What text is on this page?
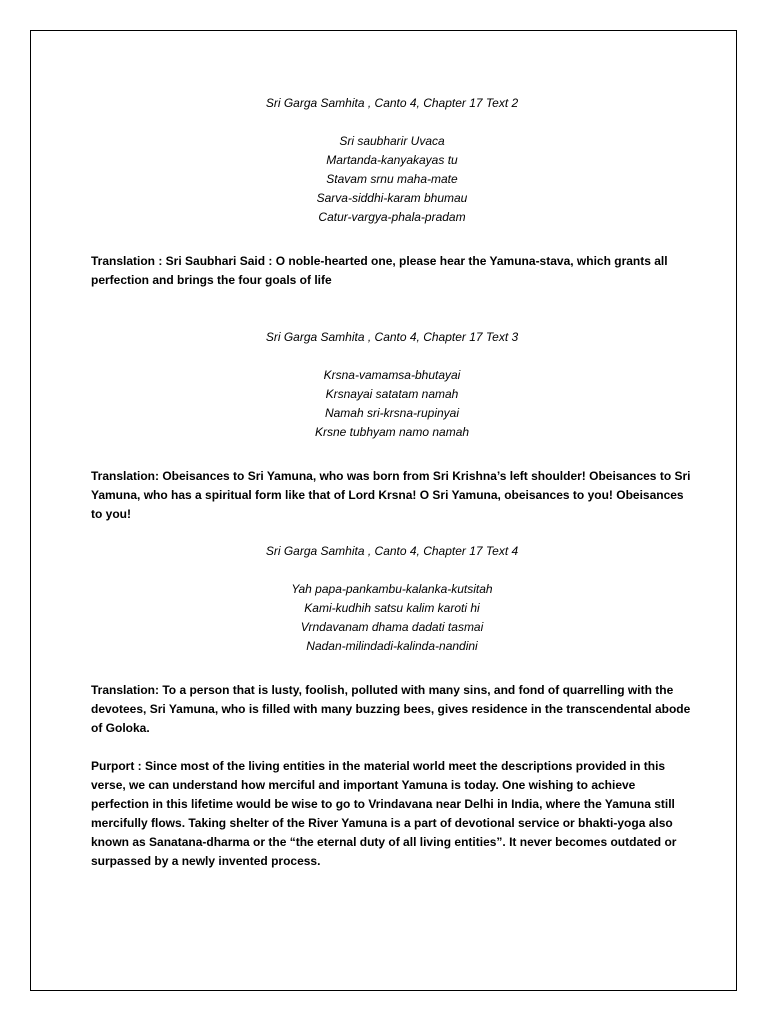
Sri Garga Samhita , Canto 4, Chapter 17 Text 2

Sri saubharir Uvaca
Martanda-kanyakayas tu
Stavam srnu maha-mate
Sarva-siddhi-karam bhumau
Catur-vargya-phala-pradam

Translation : Sri Saubhari Said : O noble-hearted one, please hear the Yamuna-stava, which grants all perfection and brings the four goals of life

Sri Garga Samhita , Canto 4, Chapter 17 Text 3

Krsna-vamamsa-bhutayai
Krsnayai satatam namah
Namah sri-krsna-rupinyai
Krsne tubhyam namo namah

Translation: Obeisances to Sri Yamuna, who was born from Sri Krishna’s left shoulder! Obeisances to Sri Yamuna, who has a spiritual form like that of Lord Krsna! O Sri Yamuna, obeisances to you! Obeisances to you!

Sri Garga Samhita , Canto 4, Chapter 17 Text 4

Yah papa-pankambu-kalanka-kutsitah
Kami-kudhih satsu kalim karoti hi
Vrndavanam dhama dadati tasmai
Nadan-milindadi-kalinda-nandini

Translation: To a person that is lusty, foolish, polluted with many sins, and fond of quarrelling with the devotees, Sri Yamuna, who is filled with many buzzing bees, gives residence in the transcendental abode of Goloka.

Purport : Since most of the living entities in the material world meet the descriptions provided in this verse, we can understand how merciful and important Yamuna is today. One wishing to achieve perfection in this lifetime would be wise to go to Vrindavana near Delhi in India, where the Yamuna still mercifully flows. Taking shelter of the River Yamuna is a part of devotional service or bhakti-yoga also known as Sanatana-dharma or the “the eternal duty of all living entities”. It never becomes outdated or surpassed by a newly invented process.
